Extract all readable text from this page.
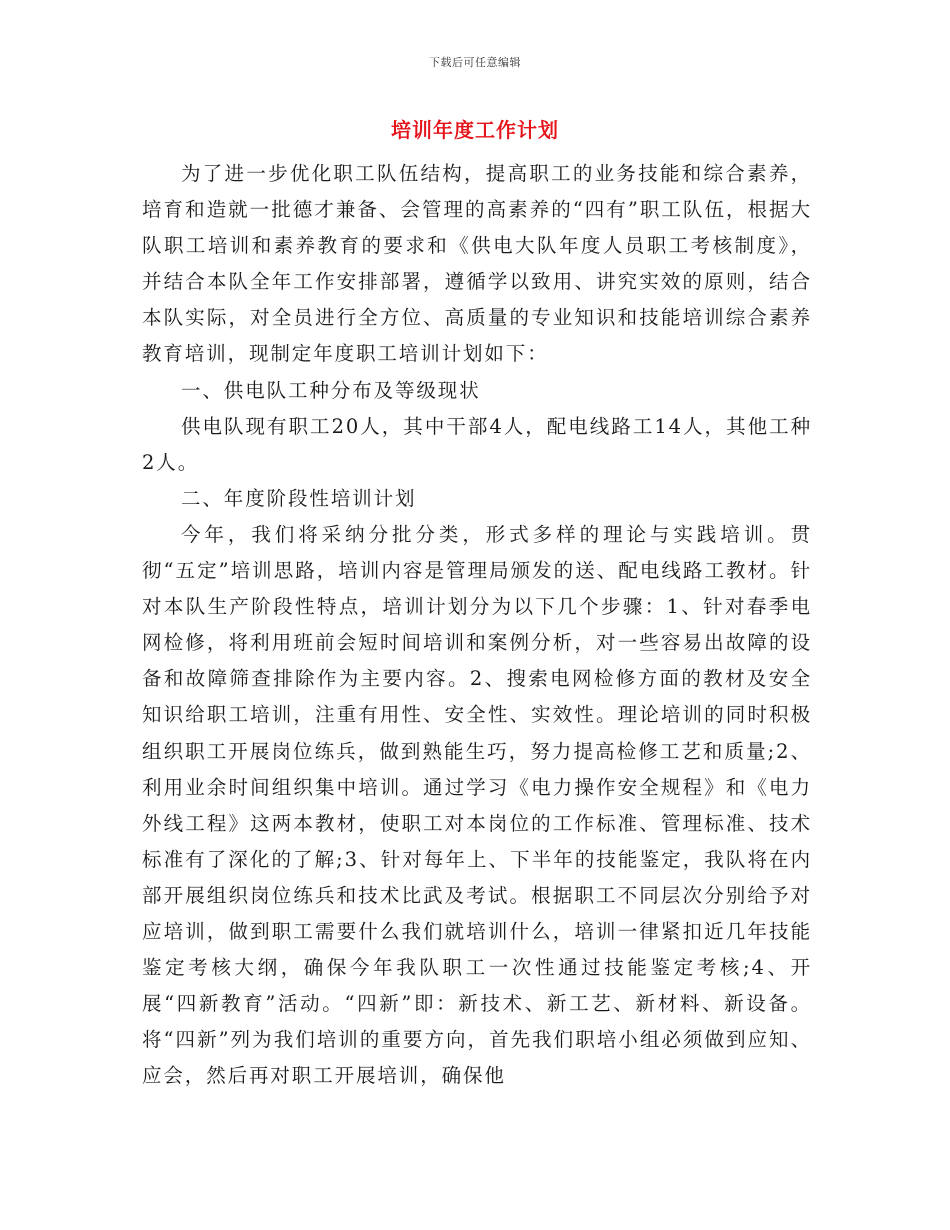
下载后可任意编辑
培训年度工作计划

为了进一步优化职工队伍结构，提高职工的业务技能和综合素养，培育和造就一批德才兼备、会管理的高素养的“四有”职工队伍，根据大队职工培训和素养教育的要求和《供电大队年度人员职工考核制度》，并结合本队全年工作安排部署，遵循学以致用、讲究实效的原则，结合本队实际，对全员进行全方位、高质量的专业知识和技能培训综合素养教育培训，现制定年度职工培训计划如下：

一、供电队工种分布及等级现状

供电队现有职工20人，其中干部4人，配电线路工14人，其他工种2人。

二、年度阶段性培训计划

今年，我们将采纳分批分类，形式多样的理论与实践培训。贯彻“五定”培训思路，培训内容是管理局颁发的送、配电线路工教材。针对本队生产阶段性特点，培训计划分为以下几个步骤：1、针对春季电网检修，将利用班前会短时间培训和案例分析，对一些容易出故障的设备和故障筛查排除作为主要内容。2、搜索电网检修方面的教材及安全知识给职工培训，注重有用性、安全性、实效性。理论培训的同时积极组织职工开展岗位练兵，做到熟能生巧，努力提高检修工艺和质量;2、利用业余时间组织集中培训。通过学习《电力操作安全规程》和《电力外线工程》这两本教材，使职工对本岗位的工作标准、管理标准、技术标准有了深化的了解;3、针对每年上、下半年的技能鉴定，我队将在内部开展组织岗位练兵和技术比武及考试。根据职工不同层次分别给予对应培训，做到职工需要什么我们就培训什么，培训一律紧扣近几年技能鉴定考核大纲，确保今年我队职工一次性通过技能鉴定考核;4、开展“四新教育”活动。“四新”即：新技术、新工艺、新材料、新设备。将“四新”列为我们培训的重要方向，首先我们职培小组必须做到应知、应会，然后再对职工开展培训，确保他
